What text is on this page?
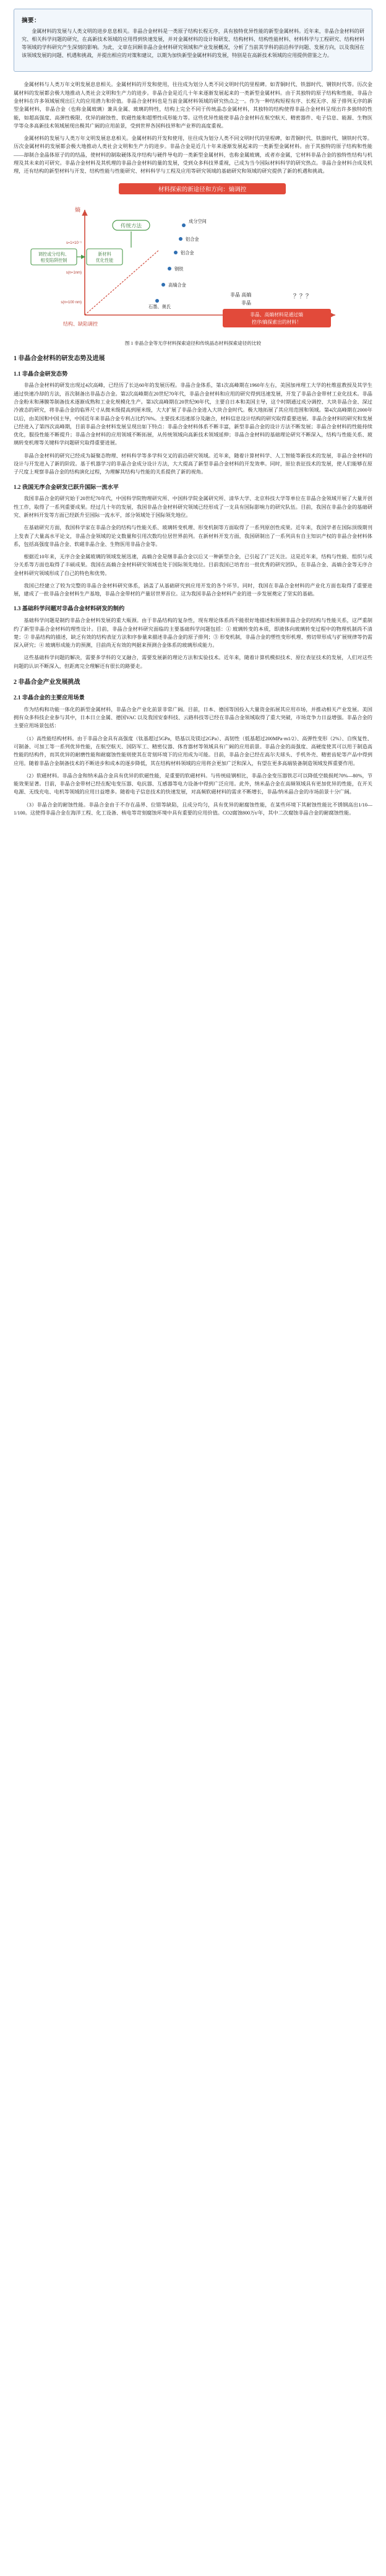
摘要：

金属材料的发展与人类文明的进步息息相关。非晶合金材料是一类原子结构长程无序，具有独特优异性能的新型金属材料。近年来，非晶合金材料的研究、相关科学问题的研究，在高新技术领域的应用得到快速发展，并对金属材料的设计和研发、结构材料、结构性能材料、材料科学与工程研究、结构材料等领域的学科研究产生深刻的影响。为此，文章在回顾非晶合金材料研究领域和产业发展概况，分析了当前其学科的前沿科学问题、发展方向，以及我国在该领域发展的问题、机遇和挑战，并提出相应的对策和建议，以期为加快新型金属材料的发展，特别是在高新技术领域的应用提供借鉴之力。

金属材料与人类万年文明发展息息相关。金属材料的开发和使用，往往成为划分人类不同文明时代的里程碑。如青铜时代、铁器时代、钢铁时代等。历次金属材料的发展都会极大地推动人类社会文明和生产力的进步。非晶合金是近几十年来逐渐发展起来的一类新型金属材料。由于其独特的原子结构和性能，非晶合金材料在许多领域展现出巨大的应用潜力和价值。非晶合金材料也是当前金属材料领域的研究热点之一。作为一种结构短程有序、长程无序、原子排列无序的新型金属材料，非晶合金（也称金属玻璃）兼具金属、玻璃的特性，结构上完全不同于传统晶态金属材料，其独特的结构使得非晶合金材料呈现出许多独特的性能，如超高强度、高弹性极限、优异的耐蚀性、软磁性能和超塑性成形能力等。这些优异性能使非晶合金材料在航空航天、精密器件、电子信息、能源、生物医学等众多高新技术领域展现出极其广阔的应用前景，受到世界各国科技界和产业界的高度重视。

金属材料的发展与人类万年文明发展息息相关。金属材料的开发和使用，往往成为划分人类不同文明时代的里程碑，如青铜时代、铁器时代、钢铁时代等。历次金属材料的发展都会极大地推动人类社会文明和生产力的进步。非晶合金是近几十年来逐渐发展起来的一类新型金属材料。由于其独特的原子结构和性能——却制合金晶体原子的的结晶，使材料的制取硬体及序结构与硬件导电的一类新型金属材料，也称金属玻璃，或者亦金属，它材料非晶合金的独特性结构与机理及其未来的可研究。非晶合金材料及其机理的非晶合金材料的量的发展，受到众多科技界重视，已成为当今国际材料科学的研究热点。非晶合金材料合成及机理，还有结构的新型材料与开发、结构性能与性能研究、材料科学与工程及应用等研究领域的基础研究和领域的研究提供了新的机遇和挑战。

材料探索的新途径和方向：熵调控
熵
结构、缺陷调控
传统方法
调控或分结构、
相变陷阱控制
新材料
优化性能
s≈1×10⁻¹
s(n≈1nm)
s(n≈100 nm)
成分空间
铝合金
铝合金
钢铁
高熵合金
石墨、奥氏
非晶 高熵
非晶
？？？
非晶、高熵材料是通过熵
控序/熵探索出的材料！
图 1 非晶合金等无序材料探索途径和传统晶态材料探索途径的比较
1 非晶合金材料的研发态势及进展
1.1 非晶合金研发态势

非晶合金材料的研发出现过4次高峰，已经历了长达60年的发展历程。非晶合金体系，第1次高峰期在1960年左右，美国加州理工大学的杜维兹教授及其学生通过快速冷却的方法，首次制备出非晶态合金。第2次高峰期在20世纪70年代，非晶合金材料和应用的研究得到迅速发展，开发了非晶合金带材工业化技术。非晶合金粉末和薄膜等制备技术逐渐成熟和工业化规模化生产。第3次高峰期在20世纪90年代，主要自日本和美国主导，这个时期通过成分调控、大块非晶合金、深过冷液态的研究，将非晶合金的临界尺寸从微米级提高到厘米级，大大扩展了非晶合金进入大块合金时代。极大地拓展了其应用范围和领域。第4次高峰期在2000年以后，由美国和中国主导，中国近年来非晶合金专利占比约76%。主要技术迅速部分及融合，材料信息设计结构的研究取得重要进展。非晶合金材料的研究和发展已经进入了第四次高峰期，目前非晶合金材料发展呈现出如下特点：非晶合金材料体系不断丰富，新型非晶合金的设计方法不断发展；非晶合金材料的性能持续优化，服役性能不断提升；非晶合金材料的应用领域不断拓展，从传统领域向高新技术领域延伸；非晶合金材料的基础理论研究不断深入，结构与性能关系、玻璃转变机理等关键科学问题研究取得重要进展。

非晶合金材料的研究已经成为凝聚态物理、材料科学等多学科交叉的前沿研究领域。近年来，随着计算材料学、人工智能等新技术的发展，非晶合金材料的设计与开发进入了新的阶段。基于机器学习的非晶合金成分设计方法，大大提高了新型非晶合金材料的开发效率。同时，原位表征技术的发展，使人们能够在原子尺度上观察非晶合金的结构演化过程，为理解其结构与性能的关系提供了新的视角。

1.2 我国无序合金研发已跃升国际一流水平

我国非晶合金的研究始于20世纪70年代，中国科学院物理研究所、中国科学院金属研究所、清华大学、北京科技大学等单位在非晶合金领域开展了大量开创性工作，取得了一系列重要成果。经过几十年的发展，我国非晶合金材料研究领域已经形成了一支具有国际影响力的研究队伍。目前，我国在非晶合金的基础研究、新材料开发等方面已经跃升至国际一流水平，部分领域处于国际领先地位。

在基础研究方面，我国科学家在非晶合金的结构与性能关系、玻璃转变机理、形变机制等方面取得了一系列原创性成果。近年来，我国学者在国际顶级期刊上发表了大量高水平论文，非晶合金领域的论文数量和引用次数均位居世界前列。在新材料开发方面，我国研制出了一系列具有自主知识产权的非晶合金材料体系，包括高强度非晶合金、软磁非晶合金、生物医用非晶合金等。

根据近10年来，无序合金金属玻璃的领域发展迅速，高熵合金是继非晶合金以后又一种新型合金，已引起了广泛关注。这是近年来，结构与性能、组织与成分关系等方面也取得了丰硕成果。我国在高熵合金材料研究领域也处于国际领先地位。目前我国已培育出一批优秀的研究团队，在非晶合金、高熵合金等无序合金材料研究领域形成了自己的特色和优势。

我国已经建立了较为完整的非晶合金材料研究体系，涵盖了从基础研究到应用开发的各个环节。同时，我国在非晶合金材料的产业化方面也取得了重要进展，建成了一批非晶合金材料生产基地，非晶合金带材的产量居世界首位。这为我国非晶合金材料产业的进一步发展奠定了坚实的基础。

1.3 基础科学问题对非晶合金材料研发的制约

基础科学问题是制约非晶合金材料发展的重大瓶颈。由于非晶结构的复杂性，现有理论体系尚不能很好地描述和预测非晶合金的结构与性能关系，这严重制约了新型非晶合金材料的理性设计。目前，非晶合金材料研究面临的主要基础科学问题包括：① 玻璃转变的本质，即液体向玻璃转变过程中的物理机制尚不清楚；② 非晶结构的描述，缺乏有效的结构表征方法和序参量来描述非晶合金的原子排列；③ 形变机制，非晶合金的塑性变形机理、剪切带形成与扩展规律等仍需深入研究；④ 玻璃形成能力的预测，目前尚无有效的判据来预测合金体系的玻璃形成能力。

这些基础科学问题的解决，需要多学科的交叉融合，需要发展新的理论方法和实验技术。近年来，随着计算机模拟技术、原位表征技术的发展，人们对这些问题的认识不断深入，但距离完全理解还有很长的路要走。

2 非晶合金产业发展挑战
2.1 非晶合金的主要应用场景

作为结构和功能一体化的新型金属材料，非晶合金产业化前景非常广阔。目前，日本、德国等国投入大量资金拓展其应用市场，并推动相关产业发展。美国拥有众多科技企业参与其中，日本日立金属、德国VAC 以及我国安泰科技、云路科技等已经在非晶合金领域取得了重大突破，市场竞争力日益增强。非晶合金的主要应用场景包括：

（1）高性能结构材料。由于非晶合金具有高强度（钛基超过5GPa，锆基以及镁过2GPa）、高韧性（低基超过200MPa·m1/2）、高弹性变形（2%）、自恢复性、可制备、可加工等一系列优异性能，在航空航天、国防军工、精密仪器、体育器材等领域具有广阔的应用前景。非晶合金的高强度、高硬度使其可以用于制造高性能的结构件，而其优异的耐磨性能和耐腐蚀性能则使其在苛刻环境下的应用成为可能。目前，非晶合金已经在高尔夫球头、手机外壳、精密齿轮等产品中得到应用。随着非晶合金制备技术的不断进步和成本的逐步降低，其在结构材料领域的应用将会更加广泛和深入，有望在更多高端装备制造领域发挥重要作用。

（2）软磁材料。非晶合金和纳米晶合金具有优异的软磁性能，是重要的软磁材料。与传统硅钢相比，非晶合金变压器铁芯可以降低空载损耗70%—80%，节能效果显著。目前，非晶合金带材已经在配电变压器、电抗器、互感器等电力设备中得到广泛应用。此外，纳米晶合金在高频领域具有更加优异的性能，在开关电源、无线充电、电机等领域的应用日益增多。随着电子信息技术的快速发展，对高频软磁材料的需求不断增长，非晶/纳米晶合金的市场前景十分广阔。

（3）非晶合金的耐蚀性能。非晶合金由于不存在晶界、位错等缺陷，且成分均匀，具有优异的耐腐蚀性能，在某些环境下其耐蚀性能比不锈钢高出1/10—1/100。这使得非晶合金在海洋工程、化工设备、核电等苛刻腐蚀环境中具有重要的应用价值。CO2腐蚀800万t/年，其中二次腐蚀非晶合金的耐腐蚀性能。
